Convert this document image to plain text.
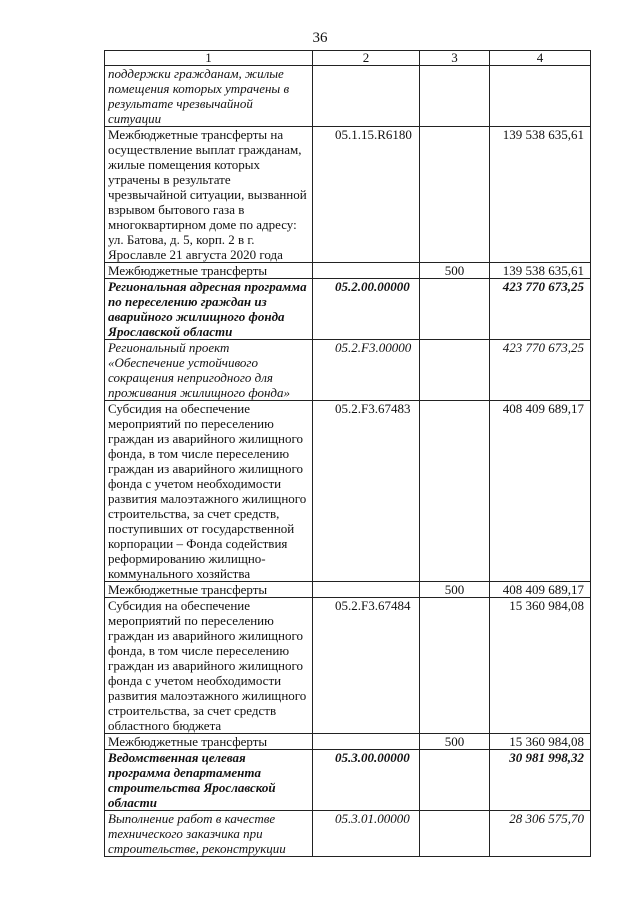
36
1	2	3	4
поддержки гражданам, жилые помещения которых утрачены в результате чрезвычайной ситуации			
Межбюджетные трансферты на осуществление выплат гражданам, жилые помещения которых утрачены в результате чрезвычайной ситуации, вызванной взрывом бытового газа в многоквартирном доме по адресу: ул. Батова, д. 5, корп. 2 в г. Ярославле 21 августа 2020 года	05.1.15.R6180		139 538 635,61
Межбюджетные трансферты		500	139 538 635,61
Региональная адресная программа по переселению граждан из аварийного жилищного фонда Ярославской области	05.2.00.00000		423 770 673,25
Региональный проект «Обеспечение устойчивого сокращения непригодного для проживания жилищного фонда»	05.2.F3.00000		423 770 673,25
Субсидия на обеспечение мероприятий по переселению граждан из аварийного жилищного фонда, в том числе переселению граждан из аварийного жилищного фонда с учетом необходимости развития малоэтажного жилищного строительства, за счет средств, поступивших от государственной корпорации – Фонда содействия реформированию жилищно-коммунального хозяйства	05.2.F3.67483		408 409 689,17
Межбюджетные трансферты		500	408 409 689,17
Субсидия на обеспечение мероприятий по переселению граждан из аварийного жилищного фонда, в том числе переселению граждан из аварийного жилищного фонда с учетом необходимости развития малоэтажного жилищного строительства, за счет средств областного бюджета	05.2.F3.67484		15 360 984,08
Межбюджетные трансферты		500	15 360 984,08
Ведомственная целевая программа департамента строительства Ярославской области	05.3.00.00000		30 981 998,32
Выполнение работ в качестве технического заказчика при строительстве, реконструкции	05.3.01.00000		28 306 575,70
